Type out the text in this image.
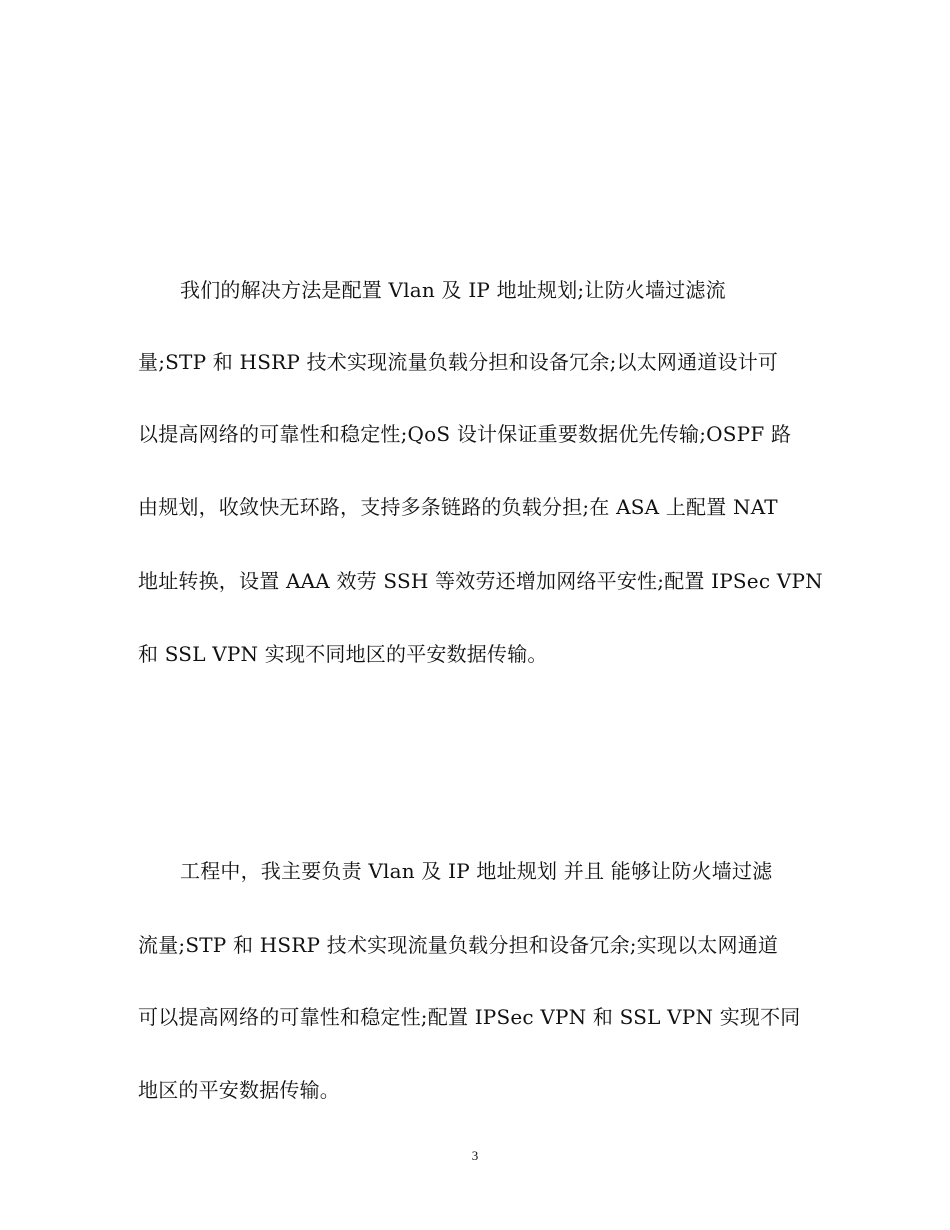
我们的解决方法是配置 Vlan 及 IP 地址规划;让防火墙过滤流
量;STP 和 HSRP 技术实现流量负载分担和设备冗余;以太网通道设计可
以提高网络的可靠性和稳定性;QoS 设计保证重要数据优先传输;OSPF 路
由规划，收敛快无环路，支持多条链路的负载分担;在 ASA 上配置 NAT
地址转换，设置 AAA 效劳 SSH 等效劳还增加网络平安性;配置 IPSec VPN
和 SSL VPN 实现不同地区的平安数据传输。
工程中，我主要负责 Vlan 及 IP 地址规划 并且 能够让防火墙过滤
流量;STP 和 HSRP 技术实现流量负载分担和设备冗余;实现以太网通道
可以提高网络的可靠性和稳定性;配置 IPSec VPN 和 SSL VPN 实现不同
地区的平安数据传输。
3
